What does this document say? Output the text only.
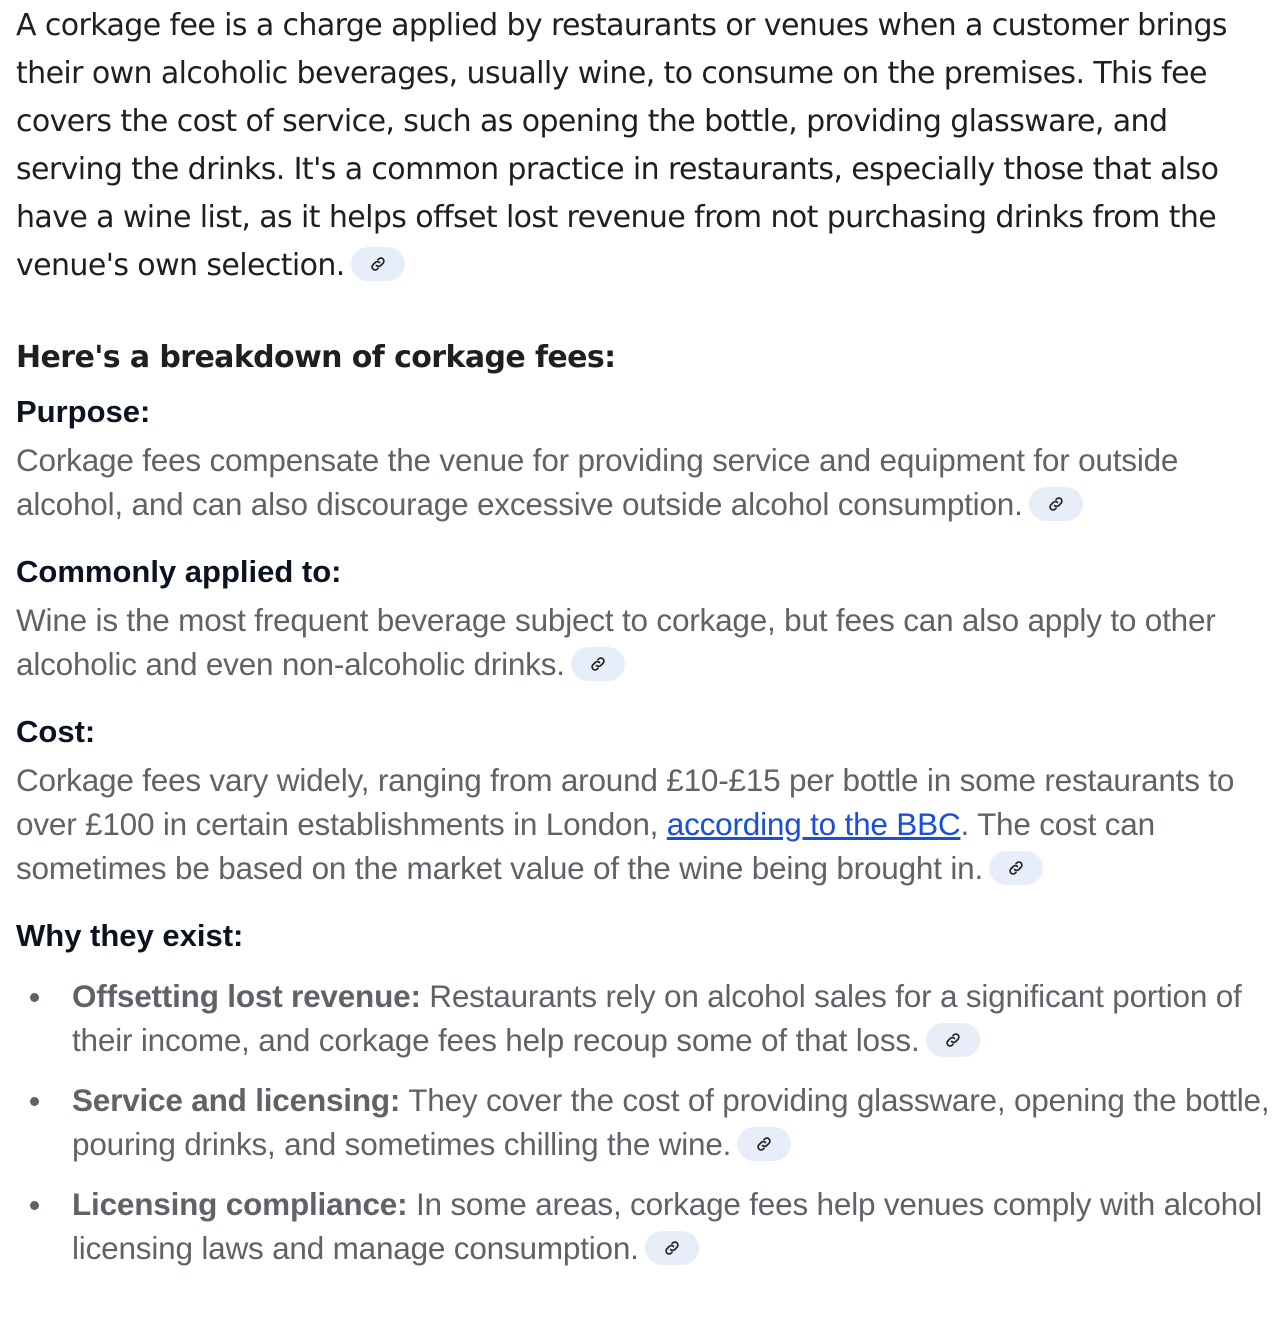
A corkage fee is a charge applied by restaurants or venues when a customer brings their own alcoholic beverages, usually wine, to consume on the premises. This fee covers the cost of service, such as opening the bottle, providing glassware, and serving the drinks. It's a common practice in restaurants, especially those that also have a wine list, as it helps offset lost revenue from not purchasing drinks from the venue's own selection.

Here's a breakdown of corkage fees:

Purpose:

Corkage fees compensate the venue for providing service and equipment for outside alcohol, and can also discourage excessive outside alcohol consumption.

Commonly applied to:

Wine is the most frequent beverage subject to corkage, but fees can also apply to other alcoholic and even non-alcoholic drinks.

Cost:

Corkage fees vary widely, ranging from around £10-£15 per bottle in some restaurants to over £100 in certain establishments in London, according to the BBC. The cost can sometimes be based on the market value of the wine being brought in.

Why they exist:

Offsetting lost revenue: Restaurants rely on alcohol sales for a significant portion of their income, and corkage fees help recoup some of that loss.
Service and licensing: They cover the cost of providing glassware, opening the bottle, pouring drinks, and sometimes chilling the wine.
Licensing compliance: In some areas, corkage fees help venues comply with alcohol licensing laws and manage consumption.
